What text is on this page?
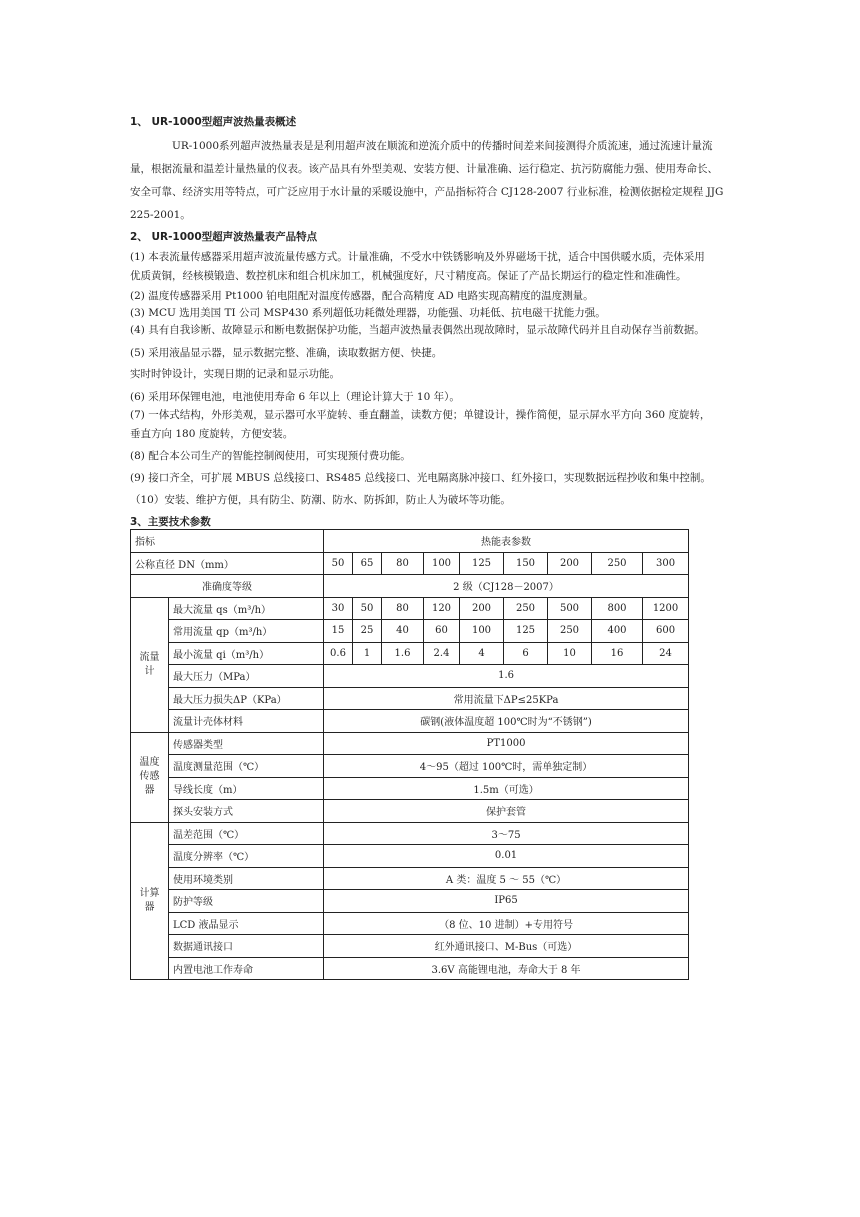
1、 UR-1000型超声波热量表概述
UR-1000系列超声波热量表是是利用超声波在顺流和逆流介质中的传播时间差来间接测得介质流速，通过流速计量流
量，根据流量和温差计量热量的仪表。该产品具有外型美观、安装方便、计量准确、运行稳定、抗污防腐能力强、使用寿命长、
安全可靠、经济实用等特点，可广泛应用于水计量的采暖设施中，产品指标符合 CJ128-2007 行业标准，检测依据检定规程 JJG
225-2001。
2、 UR-1000型超声波热量表产品特点
(1) 本表流量传感器采用超声波流量传感方式。计量准确，不受水中铁锈影响及外界磁场干扰，适合中国供暖水质，壳体采用
优质黄铜，经核模锻造、数控机床和组合机床加工，机械强度好，尺寸精度高。保证了产品长期运行的稳定性和准确性。
(2) 温度传感器采用 Pt1000 铂电阻配对温度传感器，配合高精度 AD 电路实现高精度的温度测量。
(3) MCU 选用美国 TI 公司 MSP430 系列超低功耗微处理器，功能强、功耗低、抗电磁干扰能力强。
(4) 具有自我诊断、故障显示和断电数据保护功能，当超声波热量表偶然出现故障时，显示故障代码并且自动保存当前数据。
(5) 采用液晶显示器，显示数据完整、准确，读取数据方便、快捷。
实时时钟设计，实现日期的记录和显示功能。
(6) 采用环保锂电池，电池使用寿命 6 年以上（理论计算大于 10 年）。
(7) 一体式结构，外形美观，显示器可水平旋转、垂直翻盖，读数方便；单键设计，操作简便，显示屏水平方向 360 度旋转，
垂直方向 180 度旋转，方便安装。
(8) 配合本公司生产的智能控制阀使用，可实现预付费功能。
(9) 接口齐全，可扩展 MBUS 总线接口、RS485 总线接口、光电隔离脉冲接口、红外接口，实现数据远程抄收和集中控制。
（10）安装、维护方便，具有防尘、防潮、防水、防拆卸，防止人为破坏等功能。
3、主要技术参数
指标		热能表参数								
公称直径 DN（mm）		50	65	80	100	125	150	200	250	300
准确度等级		2 级（CJ128－2007）								
流量计	最大流量 qs（m³/h）	30	50	80	120	200	250	500	800	1200
	常用流量 qp（m³/h）	15	25	40	60	100	125	250	400	600
	最小流量 qi（m³/h）	0.6	1	1.6	2.4	4	6	10	16	24
	最大压力（MPa）	1.6								
	最大压力损失ΔP（KPa）	常用流量下ΔP≤25KPa								
	流量计壳体材料	碳钢(液体温度超 100℃时为“不锈钢”)								
温度传感器	传感器类型	PT1000								
	温度测量范围（℃）	4～95（超过 100℃时，需单独定制）								
	导线长度（m）	1.5m（可选）								
	探头安装方式	保护套管								
计算器	温差范围（℃）	3～75								
	温度分辨率（℃）	0.01								
	使用环境类别	A 类：温度 5 ～ 55（℃）								
	防护等级	IP65								
	LCD 液晶显示	（8 位、10 进制）+专用符号								
	数据通讯接口	红外通讯接口、M-Bus（可选）								
	内置电池工作寿命	3.6V 高能锂电池，寿命大于 8 年								
